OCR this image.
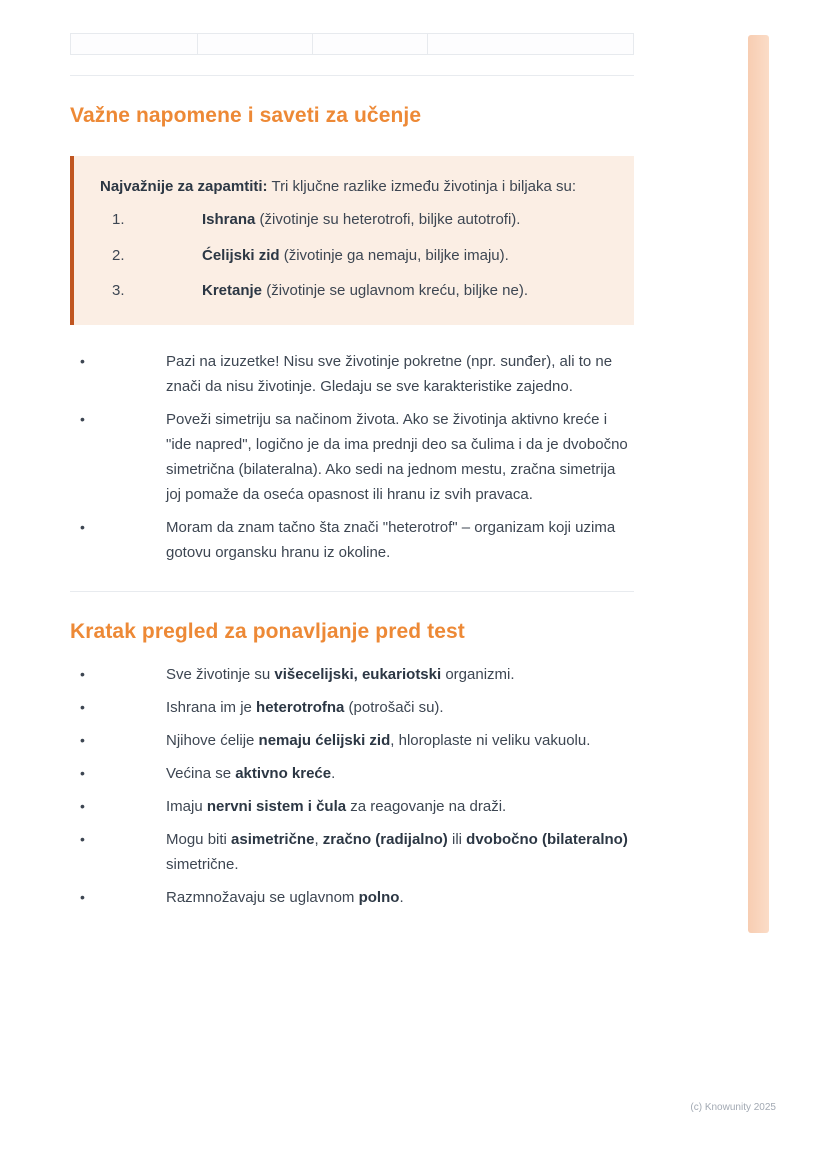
Važne napomene i saveti za učenje
Najvažnije za zapamtiti: Tri ključne razlike između životinja i biljaka su:
1.	Ishrana (životinje su heterotrofi, biljke autotrofi).
2.	Ćelijski zid (životinje ga nemaju, biljke imaju).
3.	Kretanje (životinje se uglavnom kreću, biljke ne).
•	Pazi na izuzetke! Nisu sve životinje pokretne (npr. sunđer), ali to ne znači da nisu životinje. Gledaju se sve karakteristike zajedno.
•	Poveži simetriju sa načinom života. Ako se životinja aktivno kreće i "ide napred", logično je da ima prednji deo sa čulima i da je dvobočno simetrična (bilateralna). Ako sedi na jednom mestu, zračna simetrija joj pomaže da oseća opasnost ili hranu iz svih pravaca.
•	Moram da znam tačno šta znači "heterotrof" – organizam koji uzima gotovu organsku hranu iz okoline.
Kratak pregled za ponavljanje pred test
•	Sve životinje su višecelijski, eukariotski organizmi.
•	Ishrana im je heterotrofna (potrošači su).
•	Njihove ćelije nemaju ćelijski zid, hloroplaste ni veliku vakuolu.
•	Većina se aktivno kreće.
•	Imaju nervni sistem i čula za reagovanje na draži.
•	Mogu biti asimetrične, zračno (radijalno) ili dvobočno (bilateralno) simetrične.
•	Razmnožavaju se uglavnom polno.
(c) Knowunity 2025
